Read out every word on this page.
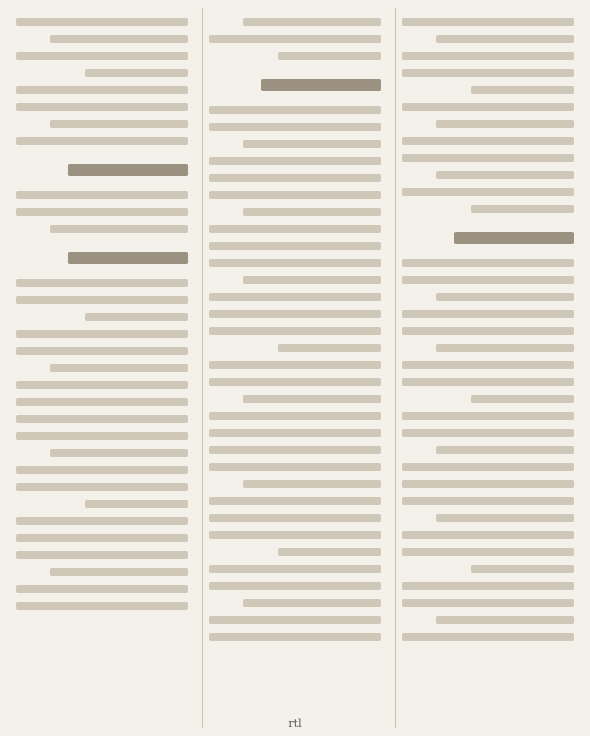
rtl
